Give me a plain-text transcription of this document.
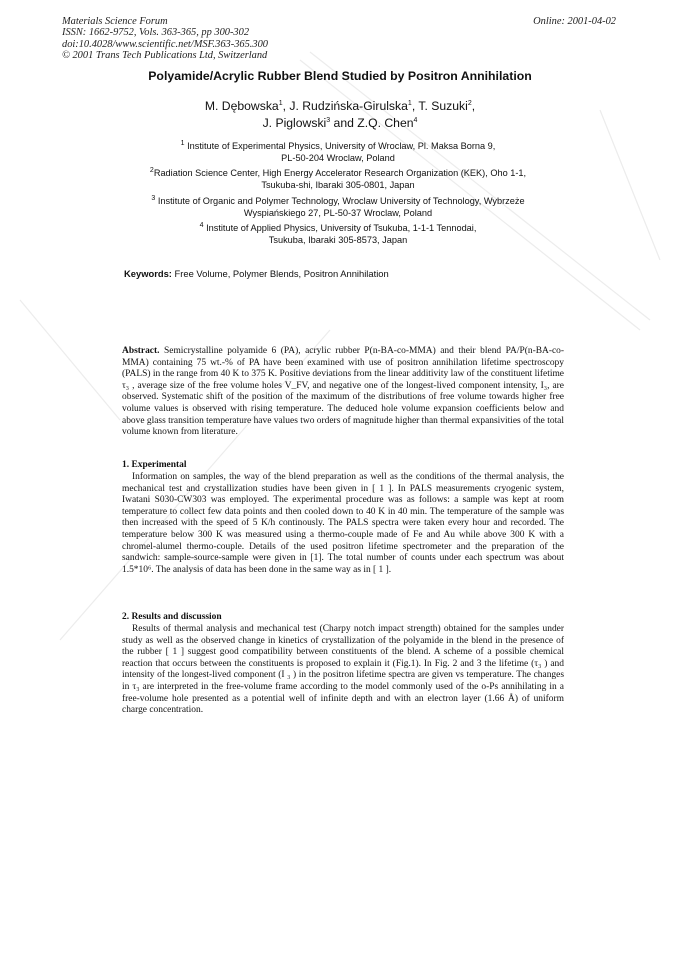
Materials Science Forum
ISSN: 1662-9752, Vols. 363-365, pp 300-302
doi:10.4028/www.scientific.net/MSF.363-365.300
© 2001 Trans Tech Publications Ltd, Switzerland
Online: 2001-04-02
Polyamide/Acrylic Rubber Blend Studied by Positron Annihilation
M. Dębowska$^1$, J. Rudzińska-Girulska$^1$, T. Suzuki$^2$,
J. Piglowski$^3$ and Z.Q. Chen$^4$
$^1$ Institute of Experimental Physics, University of Wroclaw, Pl. Maksa Borna 9,
PL-50-204 Wroclaw, Poland
$^2$Radiation Science Center, High Energy Accelerator Research Organization (KEK), Oho 1-1,
Tsukuba-shi, Ibaraki 305-0801, Japan
$^3$ Institute of Organic and Polymer Technology, Wroclaw University of Technology, Wybrzeże
Wyspiańskiego 27, PL-50-37 Wroclaw, Poland
$^4$ Institute of Applied Physics, University of Tsukuba, 1-1-1 Tennodai,
Tsukuba, Ibaraki 305-8573, Japan
Keywords: Free Volume, Polymer Blends, Positron Annihilation
Abstract. Semicrystalline polyamide 6 (PA), acrylic rubber P(n-BA-co-MMA) and their blend PA/P(n-BA-co-MMA) containing 75 wt.-% of PA have been examined with use of positron annihilation lifetime spectroscopy (PALS) in the range from 40 K to 375 K. Positive deviations from the linear additivity law of the constituent lifetime τ₃ , average size of the free volume holes V_FV, and negative one of the longest-lived component intensity, I₃, are observed. Systematic shift of the position of the maximum of the distributions of free volume towards higher free volume values is observed with rising temperature. The deduced hole volume expansion coefficients below and above glass transition temperature have values two orders of magnitude higher than thermal expansivities of the total volume known from literature.
1. Experimental
Information on samples, the way of the blend preparation as well as the conditions of the thermal analysis, the mechanical test and crystallization studies have been given in [ 1 ]. In PALS measurements cryogenic system, Iwatani S030-CW303 was employed. The experimental procedure was as follows: a sample was kept at room temperature to collect few data points and then cooled down to 40 K in 40 min. The temperature of the sample was then increased with the speed of 5 K/h continously. The PALS spectra were taken every hour and recorded. The temperature below 300 K was measured using a thermo-couple made of Fe and Au while above 300 K with a chromel-alumel thermo-couple. Details of the used positron lifetime spectrometer and the preparation of the sandwich: sample-source-sample were given in [1]. The total number of counts under each spectrum was about 1.5*10⁶. The analysis of data has been done in the same way as in [ 1 ].
2. Results and discussion
Results of thermal analysis and mechanical test (Charpy notch impact strength) obtained for the samples under study as well as the observed change in kinetics of crystallization of the polyamide in the blend in the presence of the rubber [ 1 ] suggest good compatibility between constituents of the blend. A scheme of a possible chemical reaction that occurs between the constituents is proposed to explain it (Fig.1). In Fig. 2 and 3 the lifetime (τ₃ ) and intensity of the longest-lived component (I ₃ ) in the positron lifetime spectra are given vs temperature. The changes in τ₃ are interpreted in the free-volume frame according to the model commonly used of the o-Ps annihilating in a free-volume hole presented as a potential well of infinite depth and with an electron layer (1.66 Å) of uniform charge concentration.
